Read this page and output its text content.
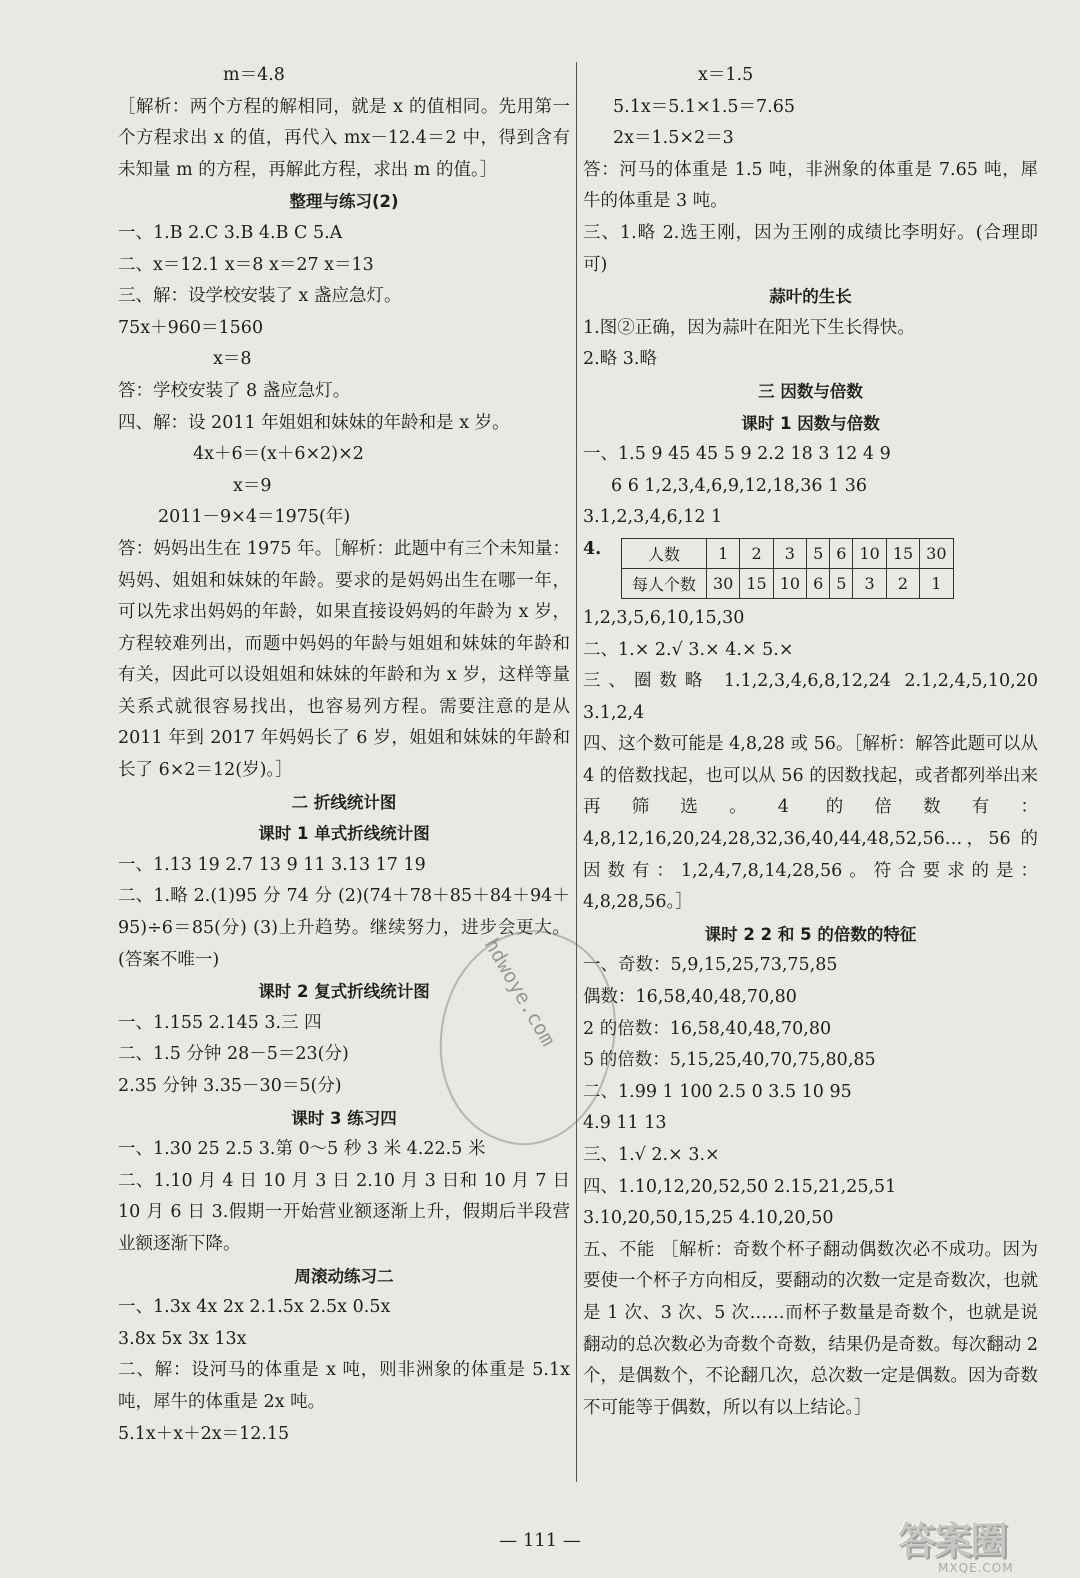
m＝4.8
［解析：两个方程的解相同，就是 x 的值相同。先用第一个方程求出 x 的值，再代入 mx－12.4＝2 中，得到含有未知量 m 的方程，再解此方程，求出 m 的值。］
整理与练习(2)
一、1.B 2.C 3.B 4.B C 5.A
二、x＝12.1 x＝8 x＝27 x＝13
三、解：设学校安装了 x 盏应急灯。
75x＋960＝1560
x＝8
答：学校安装了 8 盏应急灯。
四、解：设 2011 年姐姐和妹妹的年龄和是 x 岁。
4x＋6＝(x＋6×2)×2
x＝9
2011－9×4＝1975(年)
答：妈妈出生在 1975 年。［解析：此题中有三个未知量：妈妈、姐姐和妹妹的年龄。要求的是妈妈出生在哪一年，可以先求出妈妈的年龄，如果直接设妈妈的年龄为 x 岁，方程较难列出，而题中妈妈的年龄与姐姐和妹妹的年龄和有关，因此可以设姐姐和妹妹的年龄和为 x 岁，这样等量关系式就很容易找出，也容易列方程。需要注意的是从 2011 年到 2017 年妈妈长了 6 岁，姐姐和妹妹的年龄和长了 6×2＝12(岁)。］
二 折线统计图
课时 1 单式折线统计图
一、1.13 19 2.7 13 9 11 3.13 17 19
二、1.略 2.(1)95 分 74 分 (2)(74＋78＋85＋84＋94＋95)÷6＝85(分) (3)上升趋势。继续努力，进步会更大。(答案不唯一)
课时 2 复式折线统计图
一、1.155 2.145 3.三 四
二、1.5 分钟 28－5＝23(分)
2.35 分钟 3.35－30＝5(分)
课时 3 练习四
一、1.30 25 2.5 3.第 0～5 秒 3 米 4.22.5 米
二、1.10 月 4 日 10 月 3 日 2.10 月 3 日和 10 月 7 日 10 月 6 日 3.假期一开始营业额逐渐上升，假期后半段营业额逐渐下降。
周滚动练习二
一、1.3x 4x 2x 2.1.5x 2.5x 0.5x
3.8x 5x 3x 13x
二、解：设河马的体重是 x 吨，则非洲象的体重是 5.1x吨，犀牛的体重是 2x 吨。
5.1x＋x＋2x＝12.15
x＝1.5
5.1x＝5.1×1.5＝7.65
2x＝1.5×2＝3
答：河马的体重是 1.5 吨，非洲象的体重是 7.65 吨，犀牛的体重是 3 吨。
三、1.略 2.选王刚，因为王刚的成绩比李明好。(合理即可)
蒜叶的生长
1.图②正确，因为蒜叶在阳光下生长得快。
2.略 3.略
三 因数与倍数
课时 1 因数与倍数
一、1.5 9 45 45 5 9 2.2 18 3 12 4 9
6 6 1,2,3,4,6,9,12,18,36 1 36
3.1,2,3,4,6,12 1
4.	人数	1	2	3	5	6	10	15	30
每人个数	30	15	10	6	5	3	2	1
1,2,3,5,6,10,15,30
二、1.× 2.√ 3.× 4.× 5.×
三、圈数略 1.1,2,3,4,6,8,12,24 2.1,2,4,5,10,20 3.1,2,4
四、这个数可能是 4,8,28 或 56。［解析：解答此题可以从 4 的倍数找起，也可以从 56 的因数找起，或者都列举出来再筛选。4 的倍数有：4,8,12,16,20,24,28,32,36,40,44,48,52,56…，56 的因数有：1,2,4,7,8,14,28,56。符合要求的是：4,8,28,56。］
课时 2 2 和 5 的倍数的特征
一、奇数：5,9,15,25,73,75,85
偶数：16,58,40,48,70,80
2 的倍数：16,58,40,48,70,80
5 的倍数：5,15,25,40,70,75,80,85
二、1.99 1 100 2.5 0 3.5 10 95
4.9 11 13
三、1.√ 2.× 3.×
四、1.10,12,20,52,50 2.15,21,25,51
3.10,20,50,15,25 4.10,20,50
五、不能 ［解析：奇数个杯子翻动偶数次必不成功。因为要使一个杯子方向相反，要翻动的次数一定是奇数次，也就是 1 次、3 次、5 次……而杯子数量是奇数个，也就是说翻动的总次数必为奇数个奇数，结果仍是奇数。每次翻动 2 个，是偶数个，不论翻几次，总次数一定是偶数。因为奇数不可能等于偶数，所以有以上结论。］
hdwoye.com
— 111 —	答案圈
MXQE.COM
